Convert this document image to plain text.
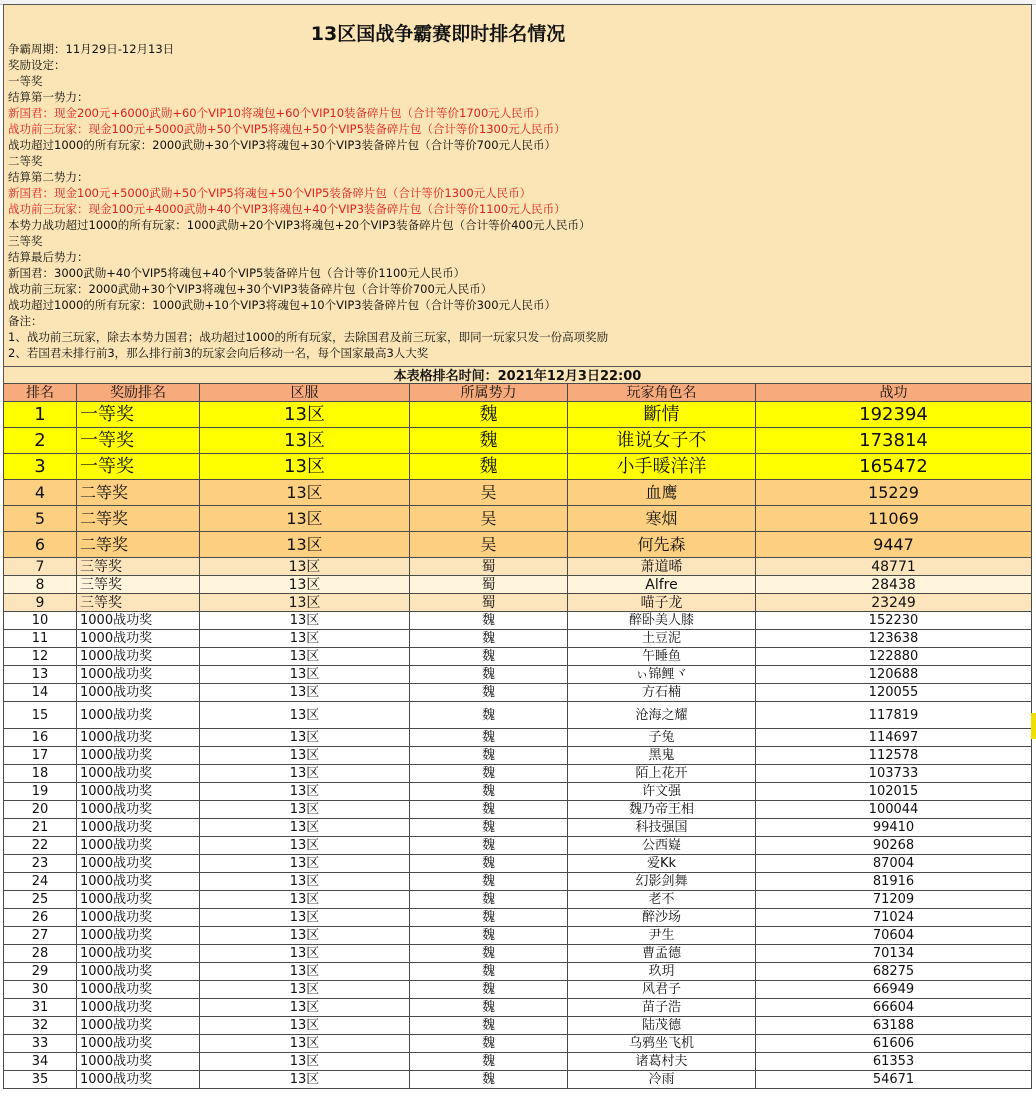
13区国战争霸赛即时排名情况
争霸周期：11月29日-12月13日
奖励设定：
一等奖
结算第一势力：
新国君：现金200元+6000武勋+60个VIP10将魂包+60个VIP10装备碎片包（合计等价1700元人民币）
战功前三玩家：现金100元+5000武勋+50个VIP5将魂包+50个VIP5装备碎片包（合计等价1300元人民币）
战功超过1000的所有玩家：2000武勋+30个VIP3将魂包+30个VIP3装备碎片包（合计等价700元人民币）
二等奖
结算第二势力：
新国君：现金100元+5000武勋+50个VIP5将魂包+50个VIP5装备碎片包（合计等价1300元人民币）
战功前三玩家：现金100元+4000武勋+40个VIP3将魂包+40个VIP3装备碎片包（合计等价1100元人民币）
本势力战功超过1000的所有玩家：1000武勋+20个VIP3将魂包+20个VIP3装备碎片包（合计等价400元人民币）
三等奖
结算最后势力：
新国君：3000武勋+40个VIP5将魂包+40个VIP5装备碎片包（合计等价1100元人民币）
战功前三玩家：2000武勋+30个VIP3将魂包+30个VIP3装备碎片包（合计等价700元人民币）
战功超过1000的所有玩家：1000武勋+10个VIP3将魂包+10个VIP3装备碎片包（合计等价300元人民币）
备注：
1、战功前三玩家，除去本势力国君；战功超过1000的所有玩家，去除国君及前三玩家，即同一玩家只发一份高项奖励
2、若国君未排行前3，那么排行前3的玩家会向后移动一名，每个国家最高3人大奖
本表格排名时间：2021年12月3日22:00
排名	奖励排名	区服	所属势力	玩家角色名	战功
1	一等奖	13区	魏	斷情	192394
2	一等奖	13区	魏	谁说女子不	173814
3	一等奖	13区	魏	小手暖洋洋	165472
4	二等奖	13区	吴	血鹰	15229
5	二等奖	13区	吴	寒烟	11069
6	二等奖	13区	吴	何先森	9447
7	三等奖	13区	蜀	萧道晞	48771
8	三等奖	13区	蜀	Alfre	28438
9	三等奖	13区	蜀	喵子龙	23249
10	1000战功奖	13区	魏	醉卧美人膝	152230
11	1000战功奖	13区	魏	土豆泥	123638
12	1000战功奖	13区	魏	午睡鱼	122880
13	1000战功奖	13区	魏	ぃ锦鲤ヾ	120688
14	1000战功奖	13区	魏	方石楠	120055
15	1000战功奖	13区	魏	沧海之耀	117819
16	1000战功奖	13区	魏	子兔	114697
17	1000战功奖	13区	魏	黑鬼	112578
18	1000战功奖	13区	魏	陌上花开	103733
19	1000战功奖	13区	魏	许文强	102015
20	1000战功奖	13区	魏	魏乃帝王相	100044
21	1000战功奖	13区	魏	科技强国	99410
22	1000战功奖	13区	魏	公西嶷	90268
23	1000战功奖	13区	魏	爱Kk	87004
24	1000战功奖	13区	魏	幻影剑舞	81916
25	1000战功奖	13区	魏	老不	71209
26	1000战功奖	13区	魏	醉沙场	71024
27	1000战功奖	13区	魏	尹生	70604
28	1000战功奖	13区	魏	曹孟德	70134
29	1000战功奖	13区	魏	玖玥	68275
30	1000战功奖	13区	魏	风君子	66949
31	1000战功奖	13区	魏	苗子浩	66604
32	1000战功奖	13区	魏	陆茂德	63188
33	1000战功奖	13区	魏	乌鸦坐飞机	61606
34	1000战功奖	13区	魏	诸葛村夫	61353
35	1000战功奖	13区	魏	冷雨	54671
